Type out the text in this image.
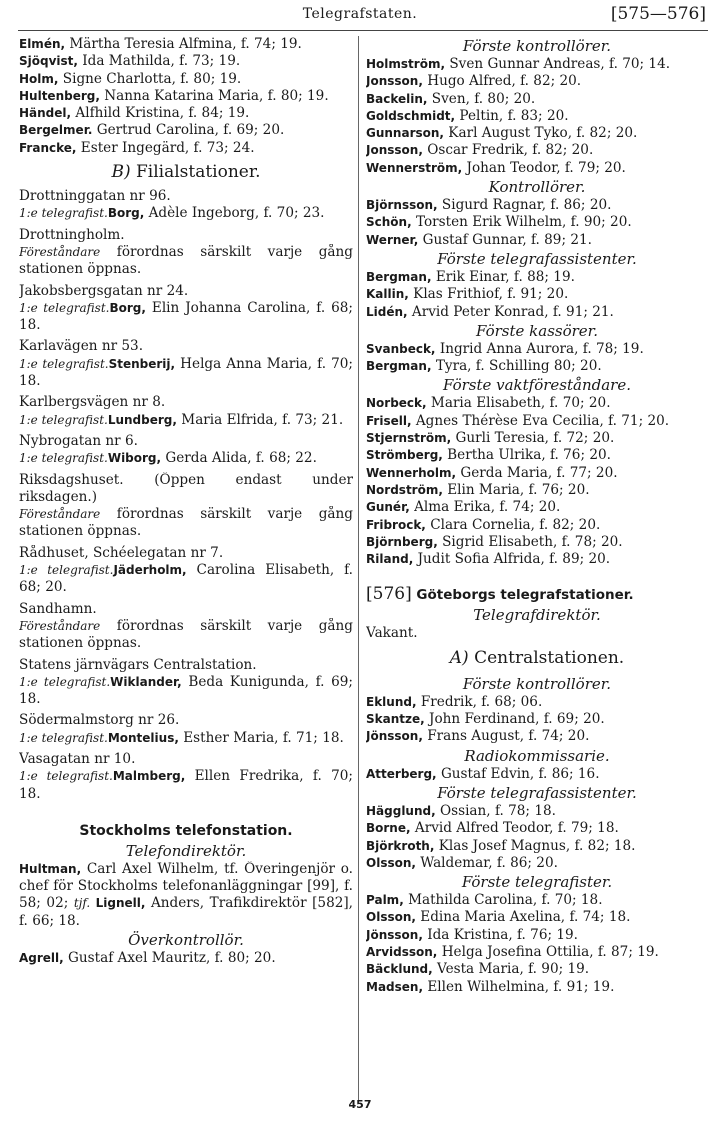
Telegrafstaten.	[575—576]
Elmén, Märtha Teresia Alfmina, f. 74; 19.
Sjöqvist, Ida Mathilda, f. 73; 19.
Holm, Signe Charlotta, f. 80; 19.
Hultenberg, Nanna Katarina Maria, f. 80; 19.
Händel, Alfhild Kristina, f. 84; 19.
Bergelmer. Gertrud Carolina, f. 69; 20.
Francke, Ester Ingegärd, f. 73; 24.
B) Filialstationer.
Drottninggatan nr 96.
1:e telegrafist.Borg, Adèle Ingeborg, f. 70; 23.
Drottningholm.
Föreståndare förordnas särskilt varje gång stationen öppnas.
Jakobsbergsgatan nr 24.
1:e telegrafist.Borg, Elin Johanna Carolina, f. 68; 18.
Karlavägen nr 53.
1:e telegrafist.Stenberij, Helga Anna Maria, f. 70; 18.
Karlbergsvägen nr 8.
1:e telegrafist.Lundberg, Maria Elfrida, f. 73; 21.
Nybrogatan nr 6.
1:e telegrafist.Wiborg, Gerda Alida, f. 68; 22.
Riksdagshuset. (Öppen endast under riksdagen.)
Föreståndare förordnas särskilt varje gång stationen öppnas.
Rådhuset, Schéelegatan nr 7.
1:e telegrafist.Jäderholm, Carolina Elisabeth, f. 68; 20.
Sandhamn.
Föreståndare förordnas särskilt varje gång stationen öppnas.
Statens järnvägars Centralstation.
1:e telegrafist.Wiklander, Beda Kunigunda, f. 69; 18.
Södermalmstorg nr 26.
1:e telegrafist.Montelius, Esther Maria, f. 71; 18.
Vasagatan nr 10.
1:e telegrafist.Malmberg, Ellen Fredrika, f. 70; 18.
Stockholms telefonstation.
Telefondirektör.
Hultman, Carl Axel Wilhelm, tf. Överingenjör o. chef för Stockholms telefonanläggningar [99], f. 58; 02; tjf. Lignell, Anders, Trafikdirektör [582], f. 66; 18.
Överkontrollör.
Agrell, Gustaf Axel Mauritz, f. 80; 20.
Förste kontrollörer.
Holmström, Sven Gunnar Andreas, f. 70; 14.
Jonsson, Hugo Alfred, f. 82; 20.
Backelin, Sven, f. 80; 20.
Goldschmidt, Peltin, f. 83; 20.
Gunnarson, Karl August Tyko, f. 82; 20.
Jonsson, Oscar Fredrik, f. 82; 20.
Wennerström, Johan Teodor, f. 79; 20.
Kontrollörer.
Björnsson, Sigurd Ragnar, f. 86; 20.
Schön, Torsten Erik Wilhelm, f. 90; 20.
Werner, Gustaf Gunnar, f. 89; 21.
Förste telegrafassistenter.
Bergman, Erik Einar, f. 88; 19.
Kallin, Klas Frithiof, f. 91; 20.
Lidén, Arvid Peter Konrad, f. 91; 21.
Förste kassörer.
Svanbeck, Ingrid Anna Aurora, f. 78; 19.
Bergman, Tyra, f. Schilling 80; 20.
Förste vaktföreståndare.
Norbeck, Maria Elisabeth, f. 70; 20.
Frisell, Agnes Thérèse Eva Cecilia, f. 71; 20.
Stjernström, Gurli Teresia, f. 72; 20.
Strömberg, Bertha Ulrika, f. 76; 20.
Wennerholm, Gerda Maria, f. 77; 20.
Nordström, Elin Maria, f. 76; 20.
Gunér, Alma Erika, f. 74; 20.
Fribrock, Clara Cornelia, f. 82; 20.
Björnberg, Sigrid Elisabeth, f. 78; 20.
Riland, Judit Sofia Alfrida, f. 89; 20.
[576] Göteborgs telegrafstationer.
Telegrafdirektör.
Vakant.
A) Centralstationen.
Förste kontrollörer.
Eklund, Fredrik, f. 68; 06.
Skantze, John Ferdinand, f. 69; 20.
Jönsson, Frans August, f. 74; 20.
Radiokommissarie.
Atterberg, Gustaf Edvin, f. 86; 16.
Förste telegrafassistenter.
Hägglund, Ossian, f. 78; 18.
Borne, Arvid Alfred Teodor, f. 79; 18.
Björkroth, Klas Josef Magnus, f. 82; 18.
Olsson, Waldemar, f. 86; 20.
Förste telegrafister.
Palm, Mathilda Carolina, f. 70; 18.
Olsson, Edina Maria Axelina, f. 74; 18.
Jönsson, Ida Kristina, f. 76; 19.
Arvidsson, Helga Josefina Ottilia, f. 87; 19.
Bäcklund, Vesta Maria, f. 90; 19.
Madsen, Ellen Wilhelmina, f. 91; 19.
457
